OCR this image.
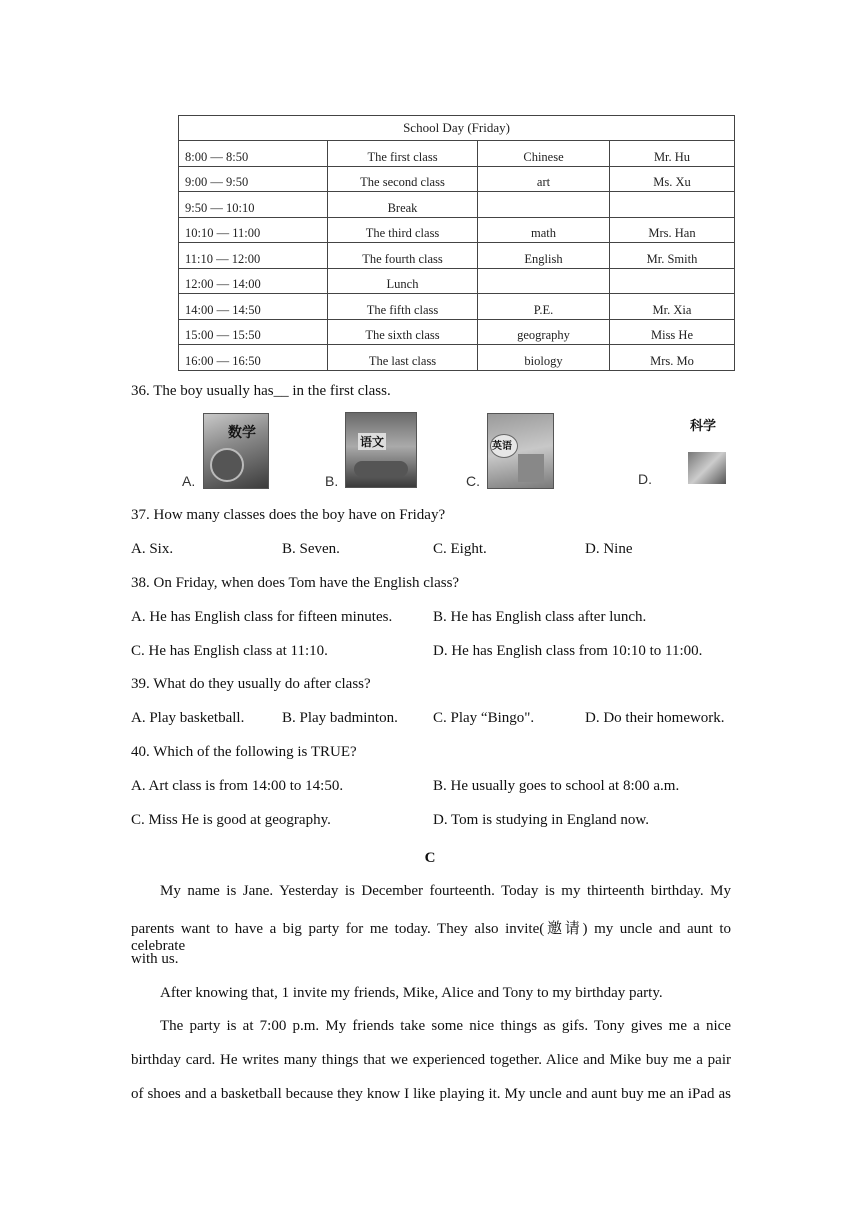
School Day (Friday)			
8:00 — 8:50	The first class	Chinese	Mr. Hu
9:00 — 9:50	The second class	art	Ms. Xu
9:50 — 10:10	Break		
10:10 — 11:00	The third class	math	Mrs. Han
11:10 — 12:00	The fourth class	English	Mr. Smith
12:00 — 14:00	Lunch		
14:00 — 14:50	The fifth class	P.E.	Mr. Xia
15:00 — 15:50	The sixth class	geography	Miss He
16:00 — 16:50	The last class	biology	Mrs. Mo
36. The boy usually has__ in the first class.
A.
数学
B.
语文
C.
英语
D.
科学
37. How many classes does the boy have on Friday?
A. Six.	B. Seven.	C. Eight.	D. Nine
38. On Friday, when does Tom have the English class?
A. He has English class for fifteen minutes.	B. He has English class after lunch.
C. He has English class at 11:10.	D. He has English class from 10:10 to 11:00.
39. What do they usually do after class?
A. Play basketball.	B. Play badminton. C. Play “Bingo".	D. Do their homework.
40. Which of the following is TRUE?
A. Art class is from 14:00 to 14:50.	B. He usually goes to school at 8:00 a.m.
C. Miss He is good at geography.	D. Tom is studying in England now.
C
My name is Jane. Yesterday is December fourteenth. Today is my thirteenth birthday. My
parents want to have a big party for me today. They also invite(邀请) my uncle and aunt to celebrate
with us.
After knowing that, 1 invite my friends, Mike, Alice and Tony to my birthday party.
The party is at 7:00 p.m. My friends take some nice things as gifs. Tony gives me a nice
birthday card. He writes many things that we experienced together. Alice and Mike buy me a pair
of shoes and a basketball because they know I like playing it. My uncle and aunt buy me an iPad as
